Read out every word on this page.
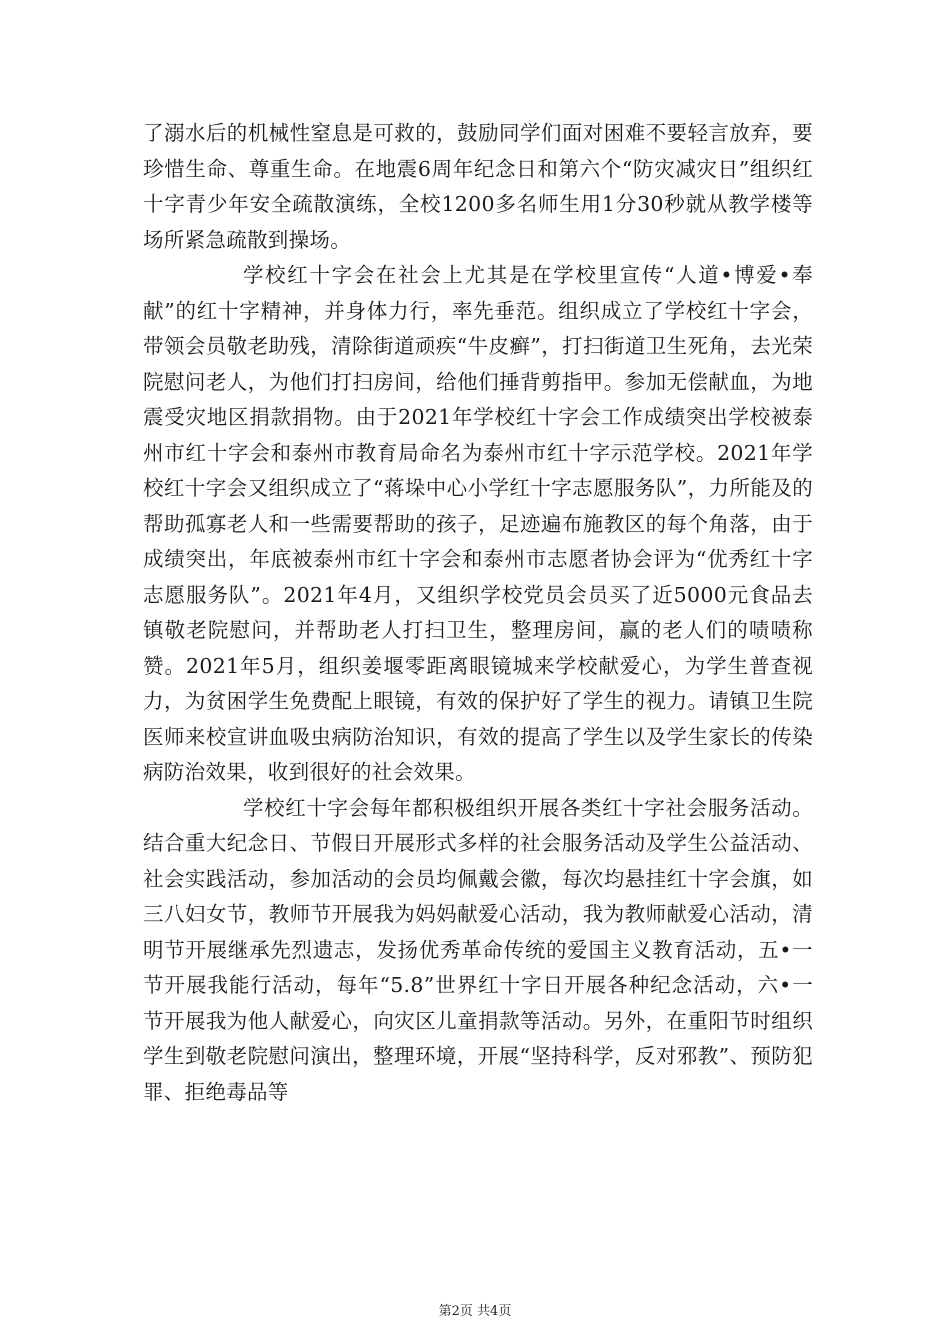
了溺水后的机械性窒息是可救的，鼓励同学们面对困难不要轻言放弃，要珍惜生命、尊重生命。在地震6周年纪念日和第六个“防灾减灾日”组织红十字青少年安全疏散演练，全校1200多名师生用1分30秒就从教学楼等场所紧急疏散到操场。

学校红十字会在社会上尤其是在学校里宣传“人道•博爱•奉献”的红十字精神，并身体力行，率先垂范。组织成立了学校红十字会，带领会员敬老助残，清除街道顽疾“牛皮癣”，打扫街道卫生死角，去光荣院慰问老人，为他们打扫房间，给他们捶背剪指甲。参加无偿献血，为地震受灾地区捐款捐物。由于2021年学校红十字会工作成绩突出学校被泰州市红十字会和泰州市教育局命名为泰州市红十字示范学校。2021年学校红十字会又组织成立了“蒋垛中心小学红十字志愿服务队”，力所能及的帮助孤寡老人和一些需要帮助的孩子，足迹遍布施教区的每个角落，由于成绩突出，年底被泰州市红十字会和泰州市志愿者协会评为“优秀红十字志愿服务队”。2021年4月，又组织学校党员会员买了近5000元食品去镇敬老院慰问，并帮助老人打扫卫生，整理房间，赢的老人们的啧啧称赞。2021年5月，组织姜堰零距离眼镜城来学校献爱心，为学生普查视力，为贫困学生免费配上眼镜，有效的保护好了学生的视力。请镇卫生院医师来校宣讲血吸虫病防治知识，有效的提高了学生以及学生家长的传染病防治效果，收到很好的社会效果。

学校红十字会每年都积极组织开展各类红十字社会服务活动。结合重大纪念日、节假日开展形式多样的社会服务活动及学生公益活动、社会实践活动，参加活动的会员均佩戴会徽，每次均悬挂红十字会旗，如三八妇女节，教师节开展我为妈妈献爱心活动，我为教师献爱心活动，清明节开展继承先烈遗志，发扬优秀革命传统的爱国主义教育活动，五•一节开展我能行活动，每年“5.8”世界红十字日开展各种纪念活动，六•一节开展我为他人献爱心，向灾区儿童捐款等活动。另外，在重阳节时组织学生到敬老院慰问演出，整理环境，开展“坚持科学，反对邪教”、预防犯罪、拒绝毒品等

第2页 共4页
